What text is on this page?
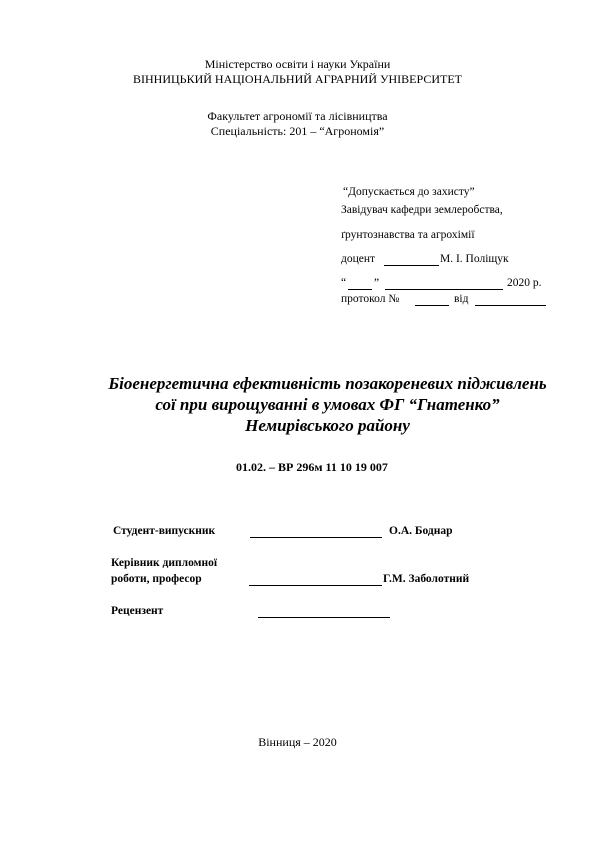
Міністерство освіти і науки України
ВІННИЦЬКИЙ НАЦІОНАЛЬНИЙ АГРАРНИЙ УНІВЕРСИТЕТ
Факультет агрономії та лісівництва
Спеціальність: 201 – “Агрономія”
“Допускається до захисту”
Завідувач кафедри землеробства,
ґрунтознавства та агрохімії
доцент	М. І. Поліщук
“ ”	2020 р.
протокол №	від
Біоенергетична ефективність позакореневих підживлень
сої при вирощуванні в умовах ФГ “Гнатенко”
Немирівського району
01.02. – ВР 296м 11 10 19 007
Студент-випускник	О.А. Боднар
Керівник дипломної
роботи, професор	Г.М. Заболотний
Рецензент
Вінниця – 2020
